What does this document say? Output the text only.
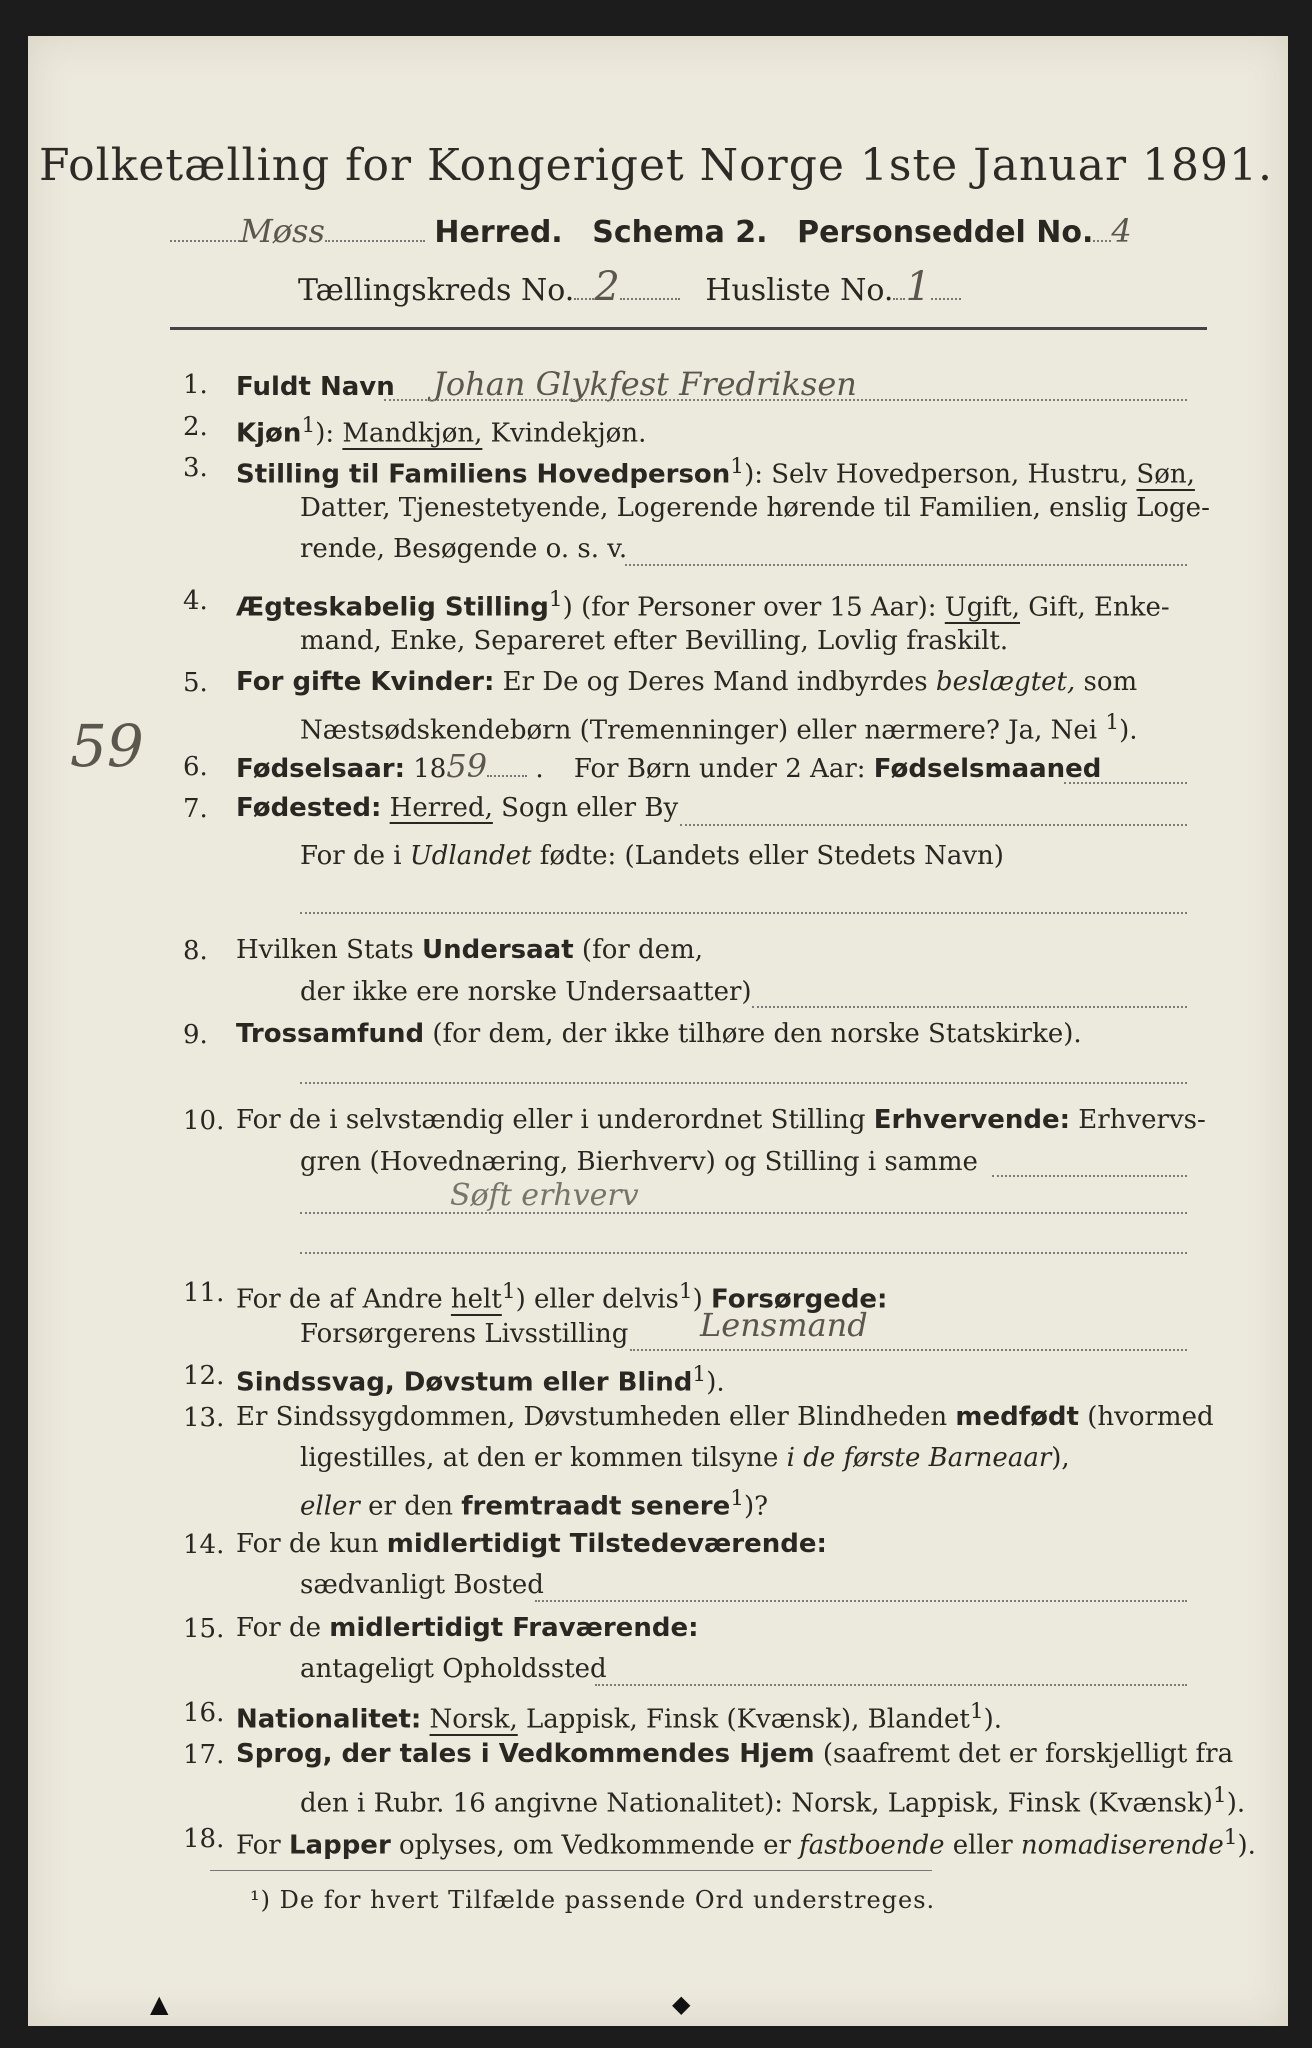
Folketælling for Kongeriget Norge 1ste Januar 1891.
Møss	Herred. Schema 2. Personseddel No. 4
Tællingskreds No. 2	Husliste No. 1
59
1.	Fuldt Navn Johan Glykfest Fredriksen
2.	Kjøn$^1$): Mandkjøn, Kvindekjøn.
3.	Stilling til Familiens Hovedperson$^1$): Selv Hovedperson, Hustru, Søn,
Datter, Tjenestetyende, Logerende hørende til Familien, enslig Loge-
rende, Besøgende o. s. v.
4.	Ægteskabelig Stilling$^1$) (for Personer over 15 Aar): Ugift, Gift, Enke-
mand, Enke, Separeret efter Bevilling, Lovlig fraskilt.
5.	For gifte Kvinder: Er De og Deres Mand indbyrdes beslægtet, som
Næstsødskendebørn (Tremenninger) eller nærmere? Ja, Nei $^1$).
6.	Fødselsaar: 1859 . For Børn under 2 Aar: Fødselsmaaned
7.	Fødested: Herred, Sogn eller By
For de i Udlandet fødte: (Landets eller Stedets Navn)
8.	Hvilken Stats Undersaat (for dem,
der ikke ere norske Undersaatter)
9.	Trossamfund (for dem, der ikke tilhøre den norske Statskirke).
10. For de i selvstændig eller i underordnet Stilling Erhvervende: Erhvervs-
gren (Hovednæring, Bierhverv) og Stilling i samme
Søft erhverv
11. For de af Andre helt$^1$) eller delvis$^1$) Forsørgede:
Forsørgerens Livsstilling	Lensmand
12. Sindssvag, Døvstum eller Blind$^1$).
13. Er Sindssygdommen, Døvstumheden eller Blindheden medfødt (hvormed
ligestilles, at den er kommen tilsyne i de første Barneaar),
eller er den fremtraadt senere$^1$)?
14. For de kun midlertidigt Tilstedeværende:
sædvanligt Bosted
15. For de midlertidigt Fraværende:
antageligt Opholdssted
16. Nationalitet: Norsk, Lappisk, Finsk (Kvænsk), Blandet$^1$).
17. Sprog, der tales i Vedkommendes Hjem (saafremt det er forskjelligt fra
den i Rubr. 16 angivne Nationalitet): Norsk, Lappisk, Finsk (Kvænsk)$^1$
18. For Lapper oplyses, om Vedkommende er fastboende eller nomadiserende$^1$
¹) De for hvert Tilfælde passende Ord understreges.
▲	◆
